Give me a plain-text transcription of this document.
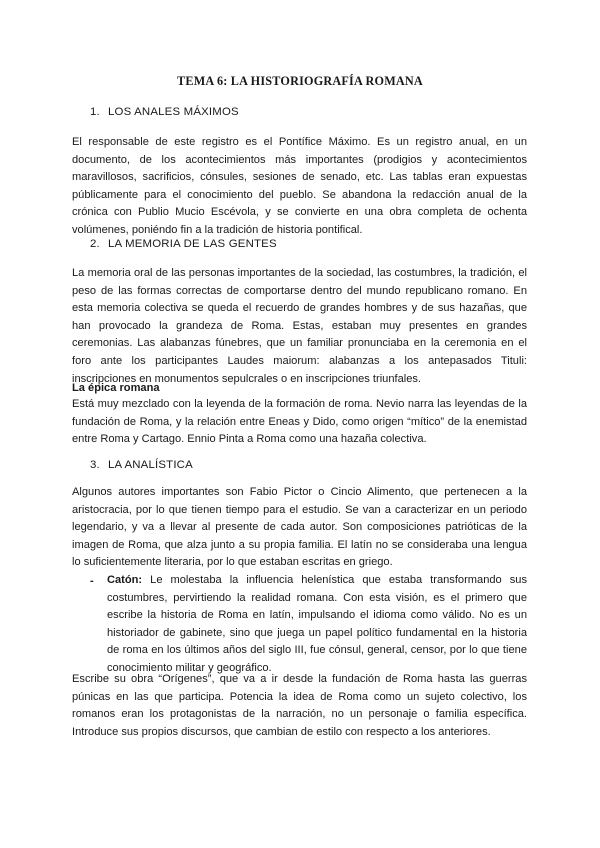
TEMA 6: LA HISTORIOGRAFÍA ROMANA
1. LOS ANALES MÁXIMOS

El responsable de este registro es el Pontífice Máximo. Es un registro anual, en un documento, de los acontecimientos más importantes (prodigios y acontecimientos maravillosos, sacrificios, cónsules, sesiones de senado, etc. Las tablas eran expuestas públicamente para el conocimiento del pueblo. Se abandona la redacción anual de la crónica con Publio Mucio Escévola, y se convierte en una obra completa de ochenta volúmenes, poniéndo fin a la tradición de historia pontifical.

2. LA MEMORIA DE LAS GENTES

La memoria oral de las personas importantes de la sociedad, las costumbres, la tradición, el peso de las formas correctas de comportarse dentro del mundo republicano romano. En esta memoria colectiva se queda el recuerdo de grandes hombres y de sus hazañas, que han provocado la grandeza de Roma. Estas, estaban muy presentes en grandes ceremonias. Las alabanzas fúnebres, que un familiar pronunciaba en la ceremonia en el foro ante los participantes Laudes maiorum: alabanzas a los antepasados Tituli: inscripciones en monumentos sepulcrales o en inscripciones triunfales.

La épica romana

Está muy mezclado con la leyenda de la formación de roma. Nevio narra las leyendas de la fundación de Roma, y la relación entre Eneas y Dido, como origen “mítico” de la enemistad entre Roma y Cartago. Ennio Pinta a Roma como una hazaña colectiva.

3. LA ANALÍSTICA

Algunos autores importantes son Fabio Pictor o Cincio Alimento, que pertenecen a la aristocracia, por lo que tienen tiempo para el estudio. Se van a caracterizar en un periodo legendario, y va a llevar al presente de cada autor. Son composiciones patrióticas de la imagen de Roma, que alza junto a su propia familia. El latín no se consideraba una lengua lo suficientemente literaria, por lo que estaban escritas en griego.

- Catón: Le molestaba la influencia helenística que estaba transformando sus costumbres, pervirtiendo la realidad romana. Con esta visión, es el primero que escribe la historia de Roma en latín, impulsando el idioma como válido. No es un historiador de gabinete, sino que juega un papel político fundamental en la historia de roma en los últimos años del siglo III, fue cónsul, general, censor, por lo que tiene conocimiento militar y geográfico.

Escribe su obra “Orígenes”, que va a ir desde la fundación de Roma hasta las guerras púnicas en las que participa. Potencia la idea de Roma como un sujeto colectivo, los romanos eran los protagonistas de la narración, no un personaje o familia específica. Introduce sus propios discursos, que cambian de estilo con respecto a los anteriores.
